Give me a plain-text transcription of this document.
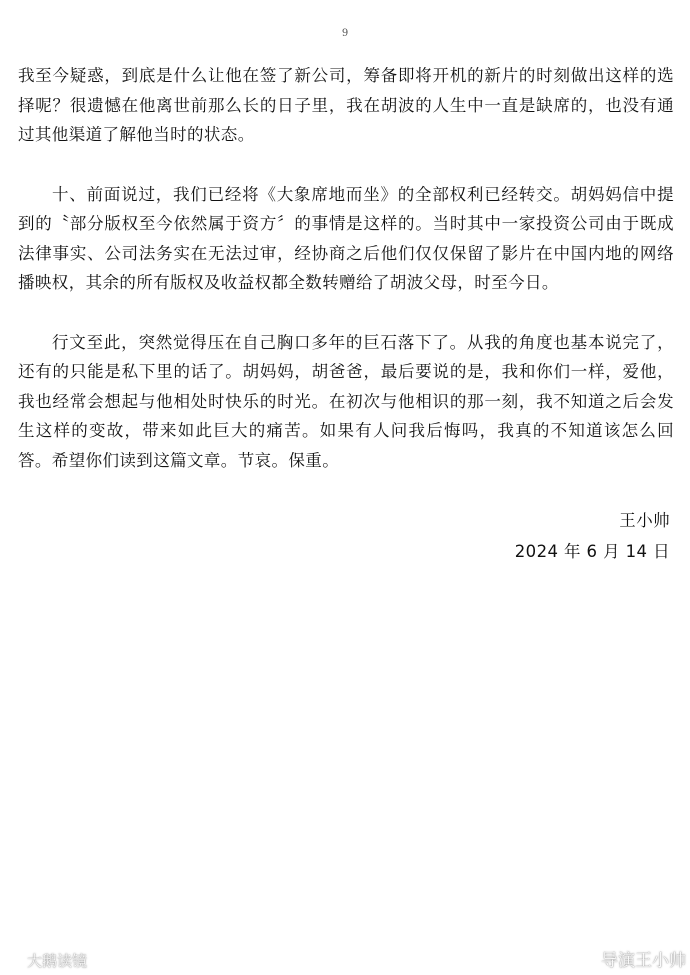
9

我至今疑惑，到底是什么让他在签了新公司，筹备即将开机的新片的时刻做出这样的选择呢？很遗憾在他离世前那么长的日子里，我在胡波的人生中一直是缺席的，也没有通过其他渠道了解他当时的状态。

十、前面说过，我们已经将《大象席地而坐》的全部权利已经转交。胡妈妈信中提到的〝部分版权至今依然属于资方〞的事情是这样的。当时其中一家投资公司由于既成法律事实、公司法务实在无法过审，经协商之后他们仅仅保留了影片在中国内地的网络播映权，其余的所有版权及收益权都全数转赠给了胡波父母，时至今日。

行文至此，突然觉得压在自己胸口多年的巨石落下了。从我的角度也基本说完了，还有的只能是私下里的话了。胡妈妈，胡爸爸，最后要说的是，我和你们一样，爱他，我也经常会想起与他相处时快乐的时光。在初次与他相识的那一刻，我不知道之后会发生这样的变故，带来如此巨大的痛苦。如果有人问我后悔吗，我真的不知道该怎么回答。希望你们读到这篇文章。节哀。保重。

王小帅
2024 年 6 月 14 日
大鹅读镜	导演王小帅
